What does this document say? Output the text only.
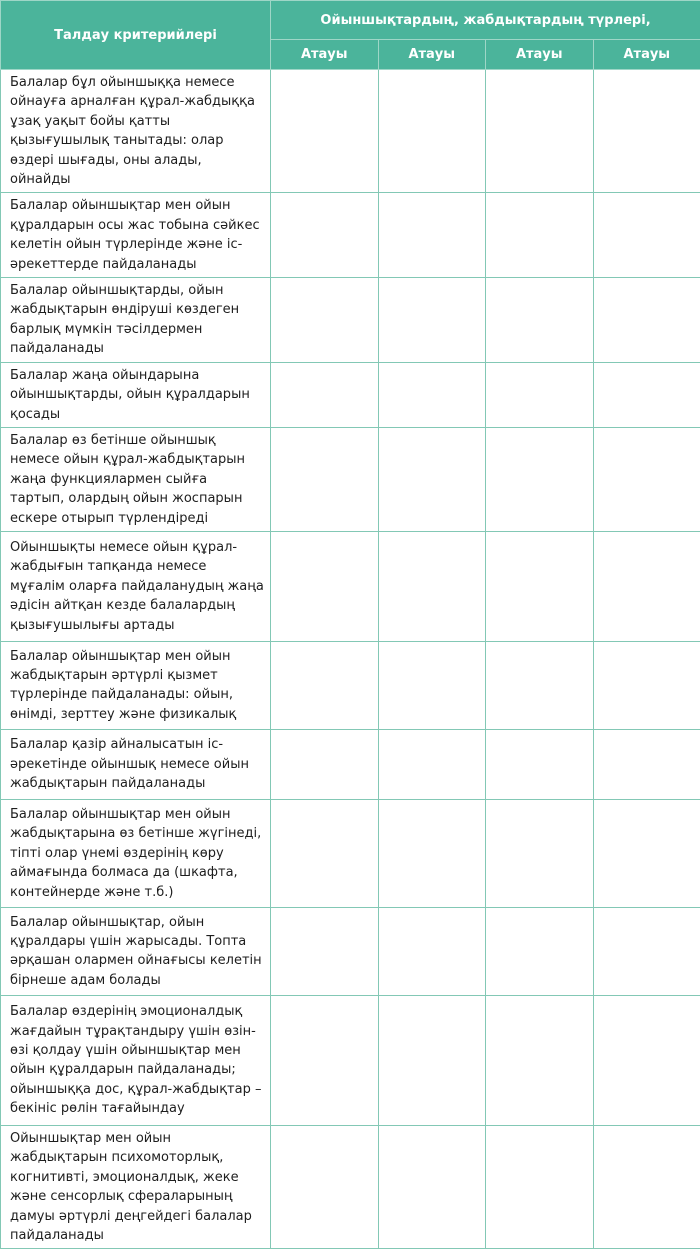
Талдау критерийлері	Ойыншықтардың, жабдықтардың түрлері,			
	Атауы	Атауы	Атауы	Атауы
Балалар бұл ойыншыққа немесе ойнауға арналған құрал-жабдыққа ұзақ уақыт бойы қатты қызығушылық танытады: олар өздері шығады, оны алады, ойнайды				
Балалар ойыншықтар мен ойын құралдарын осы жас тобына сәйкес келетін ойын түрлерінде және іс-әрекеттерде пайдаланады				
Балалар ойыншықтарды, ойын жабдықтарын өндіруші көздеген барлық мүмкін тәсілдермен пайдаланады				
Балалар жаңа ойындарына ойыншықтарды, ойын құралдарын қосады				
Балалар өз бетінше ойыншық немесе ойын құрал-жабдықтарын жаңа функциялармен сыйға тартып, олардың ойын жоспарын ескере отырып түрлендіреді				
Ойыншықты немесе ойын құрал-жабдығын тапқанда немесе мұғалім оларға пайдаланудың жаңа әдісін айтқан кезде балалардың қызығушылығы артады				
Балалар ойыншықтар мен ойын жабдықтарын әртүрлі қызмет түрлерінде пайдаланады: ойын, өнімді, зерттеу және физикалық				
Балалар қазір айналысатын іс-әрекетінде ойыншық немесе ойын жабдықтарын пайдаланады				
Балалар ойыншықтар мен ойын жабдықтарына өз бетінше жүгінеді, тіпті олар үнемі өздерінің көру аймағында болмаса да (шкафта, контейнерде және т.б.)				
Балалар ойыншықтар, ойын құралдары үшін жарысады. Топта әрқашан олармен ойнағысы келетін бірнеше адам болады				
Балалар өздерінің эмоционалдық жағдайын тұрақтандыру үшін өзін-өзі қолдау үшін ойыншықтар мен ойын құралдарын пайдаланады; ойыншыққа дос, құрал-жабдықтар – бекініс рөлін тағайындау				
Ойыншықтар мен ойын жабдықтарын психомоторлық, когнитивті, эмоционалдық, жеке және сенсорлық сфераларының дамуы әртүрлі деңгейдегі балалар пайдаланады				
